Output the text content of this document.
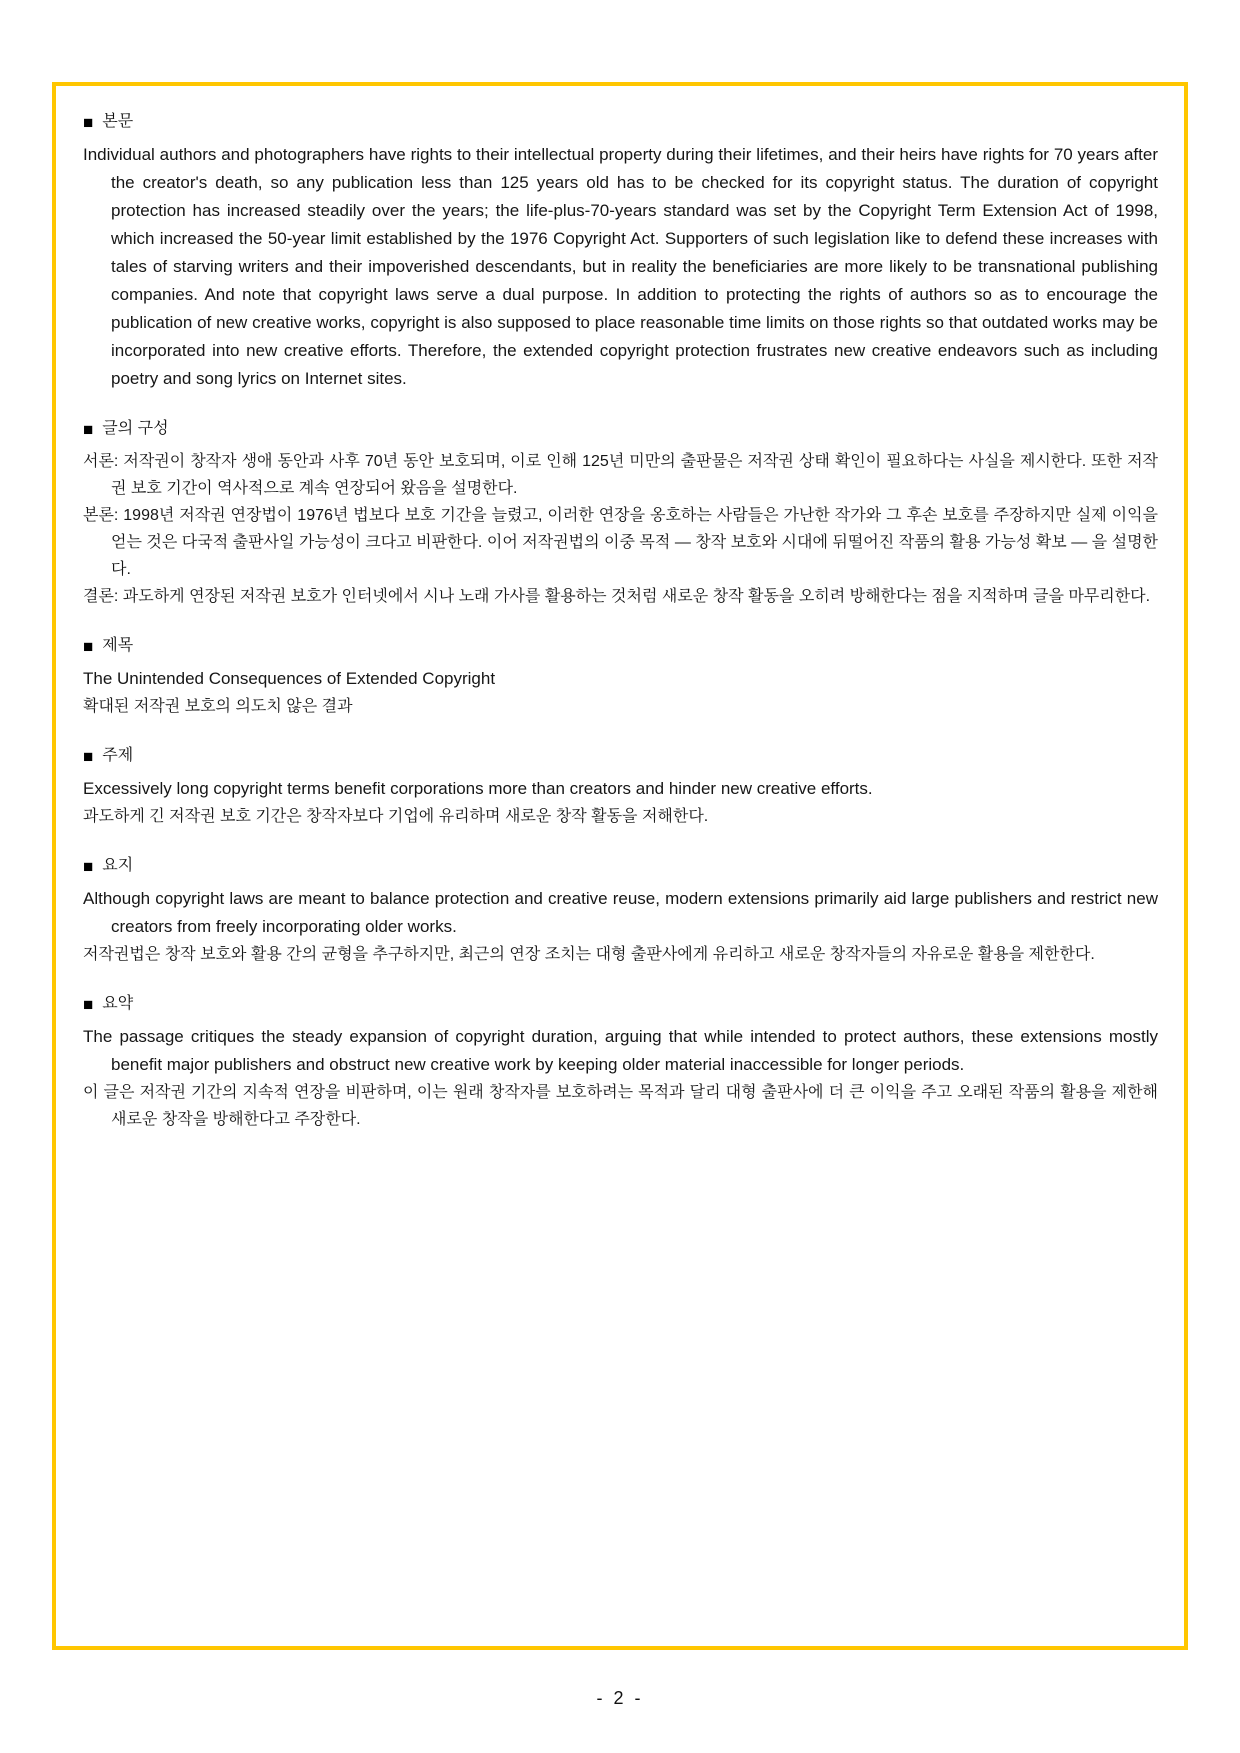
■ 본문

Individual authors and photographers have rights to their intellectual property during their lifetimes, and their heirs have rights for 70 years after the creator's death, so any publication less than 125 years old has to be checked for its copyright status. The duration of copyright protection has increased steadily over the years; the life-plus-70-years standard was set by the Copyright Term Extension Act of 1998, which increased the 50-year limit established by the 1976 Copyright Act. Supporters of such legislation like to defend these increases with tales of starving writers and their impoverished descendants, but in reality the beneficiaries are more likely to be transnational publishing companies. And note that copyright laws serve a dual purpose. In addition to protecting the rights of authors so as to encourage the publication of new creative works, copyright is also supposed to place reasonable time limits on those rights so that outdated works may be incorporated into new creative efforts. Therefore, the extended copyright protection frustrates new creative endeavors such as including poetry and song lyrics on Internet sites.

■ 글의 구성

서론: 저작권이 창작자 생애 동안과 사후 70년 동안 보호되며, 이로 인해 125년 미만의 출판물은 저작권 상태 확인이 필요하다는 사실을 제시한다. 또한 저작권 보호 기간이 역사적으로 계속 연장되어 왔음을 설명한다.

본론: 1998년 저작권 연장법이 1976년 법보다 보호 기간을 늘렸고, 이러한 연장을 옹호하는 사람들은 가난한 작가와 그 후손 보호를 주장하지만 실제 이익을 얻는 것은 다국적 출판사일 가능성이 크다고 비판한다. 이어 저작권법의 이중 목적 — 창작 보호와 시대에 뒤떨어진 작품의 활용 가능성 확보 — 을 설명한다.

결론: 과도하게 연장된 저작권 보호가 인터넷에서 시나 노래 가사를 활용하는 것처럼 새로운 창작 활동을 오히려 방해한다는 점을 지적하며 글을 마무리한다.

■ 제목

The Unintended Consequences of Extended Copyright

확대된 저작권 보호의 의도치 않은 결과

■ 주제

Excessively long copyright terms benefit corporations more than creators and hinder new creative efforts.

과도하게 긴 저작권 보호 기간은 창작자보다 기업에 유리하며 새로운 창작 활동을 저해한다.

■ 요지

Although copyright laws are meant to balance protection and creative reuse, modern extensions primarily aid large publishers and restrict new creators from freely incorporating older works.

저작권법은 창작 보호와 활용 간의 균형을 추구하지만, 최근의 연장 조치는 대형 출판사에게 유리하고 새로운 창작자들의 자유로운 활용을 제한한다.

■ 요약

The passage critiques the steady expansion of copyright duration, arguing that while intended to protect authors, these extensions mostly benefit major publishers and obstruct new creative work by keeping older material inaccessible for longer periods.

이 글은 저작권 기간의 지속적 연장을 비판하며, 이는 원래 창작자를 보호하려는 목적과 달리 대형 출판사에 더 큰 이익을 주고 오래된 작품의 활용을 제한해 새로운 창작을 방해한다고 주장한다.

- 2 -
